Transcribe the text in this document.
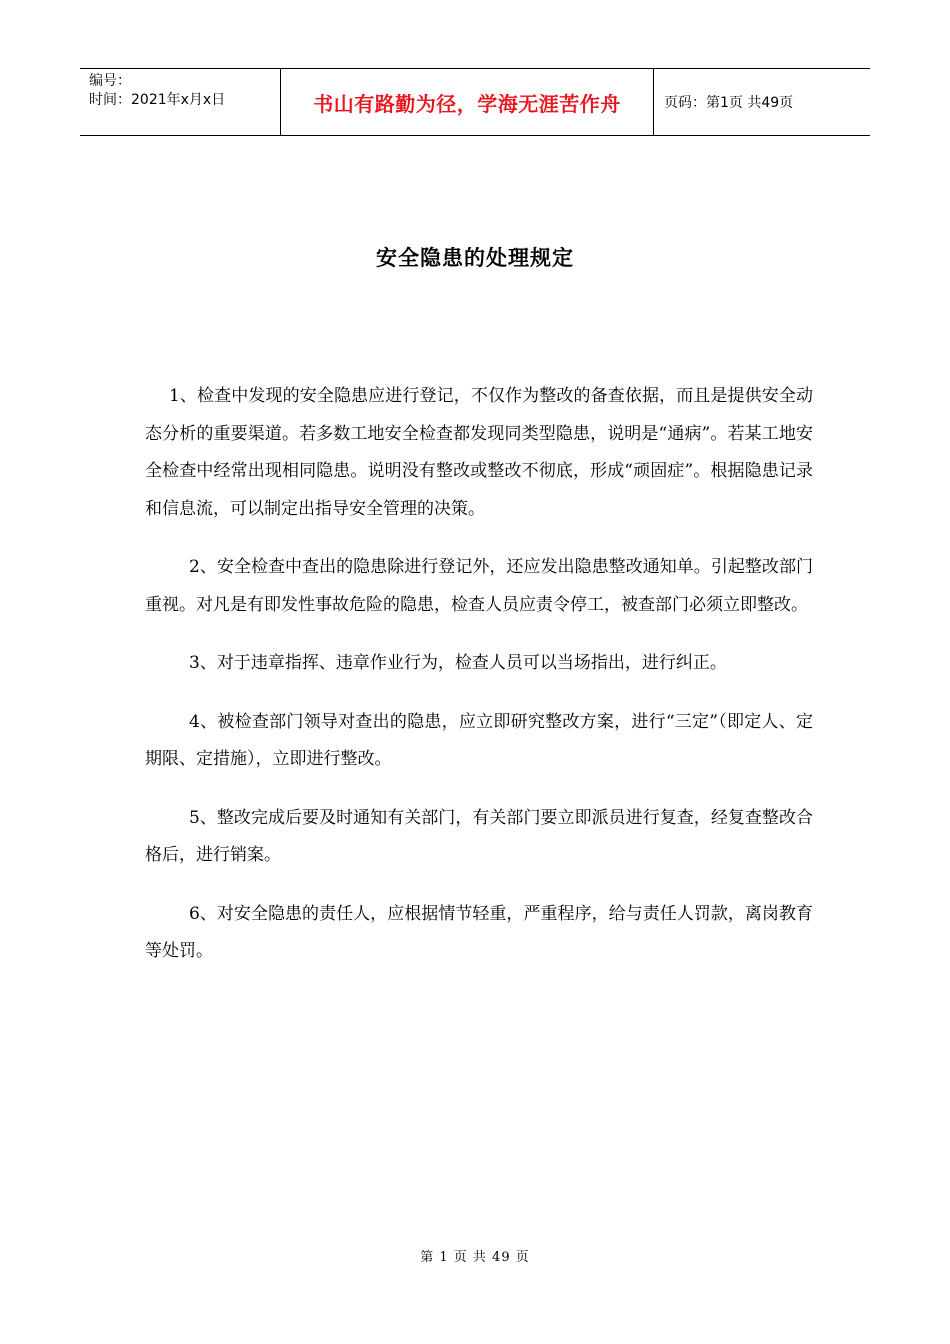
编号：
时间：2021年x月x日	书山有路勤为径，学海无涯苦作舟	页码：第1页 共49页
安全隐患的处理规定

1、检查中发现的安全隐患应进行登记，不仅作为整改的备查依据，而且是提供安全动态分析的重要渠道。若多数工地安全检查都发现同类型隐患，说明是“通病”。若某工地安全检查中经常出现相同隐患。说明没有整改或整改不彻底，形成“顽固症”。根据隐患记录和信息流，可以制定出指导安全管理的决策。

2、安全检查中查出的隐患除进行登记外，还应发出隐患整改通知单。引起整改部门重视。对凡是有即发性事故危险的隐患，检查人员应责令停工，被查部门必须立即整改。

3、对于违章指挥、违章作业行为，检查人员可以当场指出，进行纠正。

4、被检查部门领导对查出的隐患，应立即研究整改方案，进行“三定”（即定人、定期限、定措施），立即进行整改。

5、整改完成后要及时通知有关部门，有关部门要立即派员进行复查，经复查整改合格后，进行销案。

6、对安全隐患的责任人，应根据情节轻重，严重程序，给与责任人罚款，离岗教育等处罚。

第 1 页 共 49 页
